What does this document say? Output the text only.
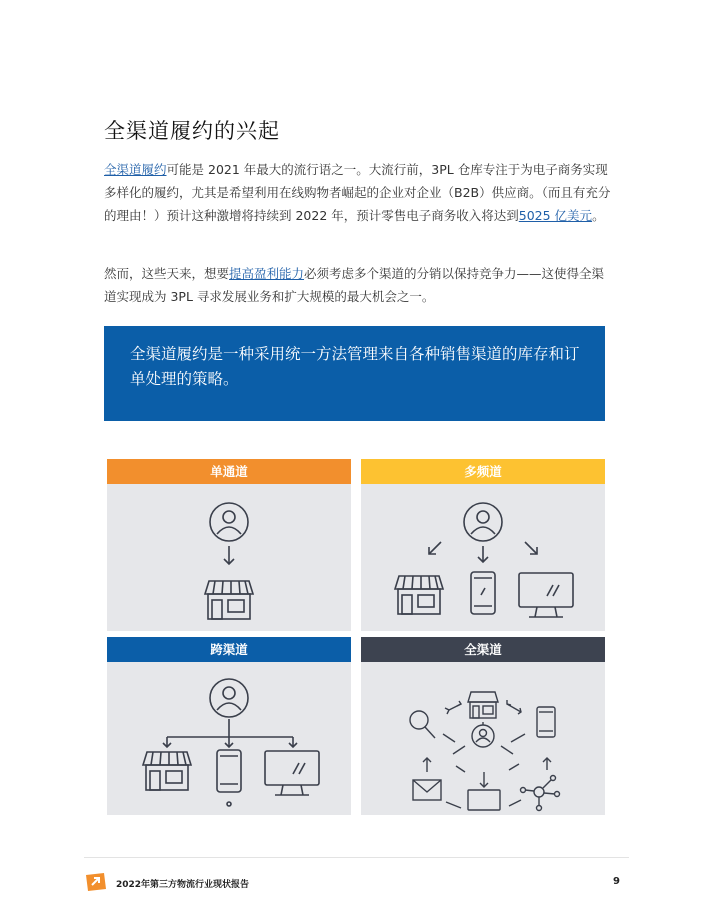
全渠道履约的兴起
全渠道履约可能是 2021 年最大的流行语之一。大流行前，3PL 仓库专注于为电子商务实现多样化的履约，尤其是希望利用在线购物者崛起的企业对企业（B2B）供应商。（而且有充分的理由！）预计这种激增将持续到 2022 年，预计零售电子商务收入将达到5025 亿美元。
然而，这些天来，想要提高盈利能力必须考虑多个渠道的分销以保持竞争力——这使得全渠道实现成为 3PL 寻求发展业务和扩大规模的最大机会之一。
全渠道履约是一种采用统一方法管理来自各种销售渠道的库存和订单处理的策略。
单通道	多频道
跨渠道	全渠道
2022年第三方物流行业现状报告	9
